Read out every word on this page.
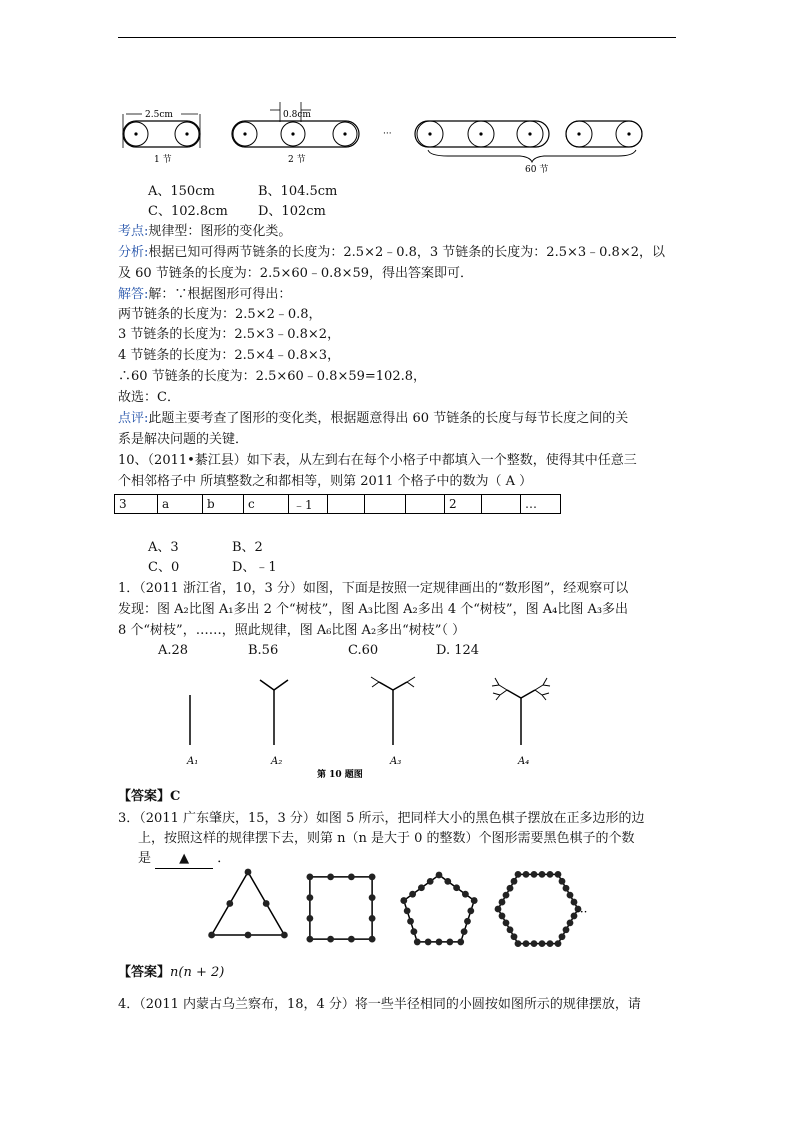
2.5cm
1 节
0.8cm
2 节
···
60 节
A、150cm	B、104.5cm
C、102.8cm D、102cm
考点:规律型：图形的变化类。
分析:根据已知可得两节链条的长度为：2.5×2﹣0.8，3 节链条的长度为：2.5×3﹣0.8×2，以
及 60 节链条的长度为：2.5×60﹣0.8×59，得出答案即可．
解答:解：∵根据图形可得出：
两节链条的长度为：2.5×2﹣0.8，
3 节链条的长度为：2.5×3﹣0.8×2，
4 节链条的长度为：2.5×4﹣0.8×3，
∴60 节链条的长度为：2.5×60﹣0.8×59=102.8，
故选：C．
点评:此题主要考查了图形的变化类，根据题意得出 60 节链条的长度与每节长度之间的关
系是解决问题的关键．
10、（2011•綦江县）如下表，从左到右在每个小格子中都填入一个整数，使得其中任意三
个相邻格子中 所填整数之和都相等，则第 2011 个格子中的数为（ A ）
3	a	b	c	﹣1				2		…
A、3	B、2
C、0	D、﹣1
1．（2011 浙江省，10，3 分）如图，下面是按照一定规律画出的“数形图”，经观察可以
发现：图 A₂比图 A₁多出 2 个“树枝”，图 A₃比图 A₂多出 4 个“树枝”，图 A₄比图 A₃多出
8 个“树枝”，……，照此规律，图 A₆比图 A₂多出“树枝”（ ）
A.28	B.56	C.60	D. 124
A₁	A₂	A₃	A₄
第 10 题图
【答案】C
3．（2011 广东肇庆，15，3 分）如图 5 所示，把同样大小的黑色棋子摆放在正多边形的边
上，按照这样的规律摆下去，则第 n（n 是大于 0 的整数）个图形需要黑色棋子的个数
是 ▲ ．
···
【答案】n(n + 2)
4．（2011 内蒙古乌兰察布，18，4 分）将一些半径相同的小圆按如图所示的规律摆放，请
